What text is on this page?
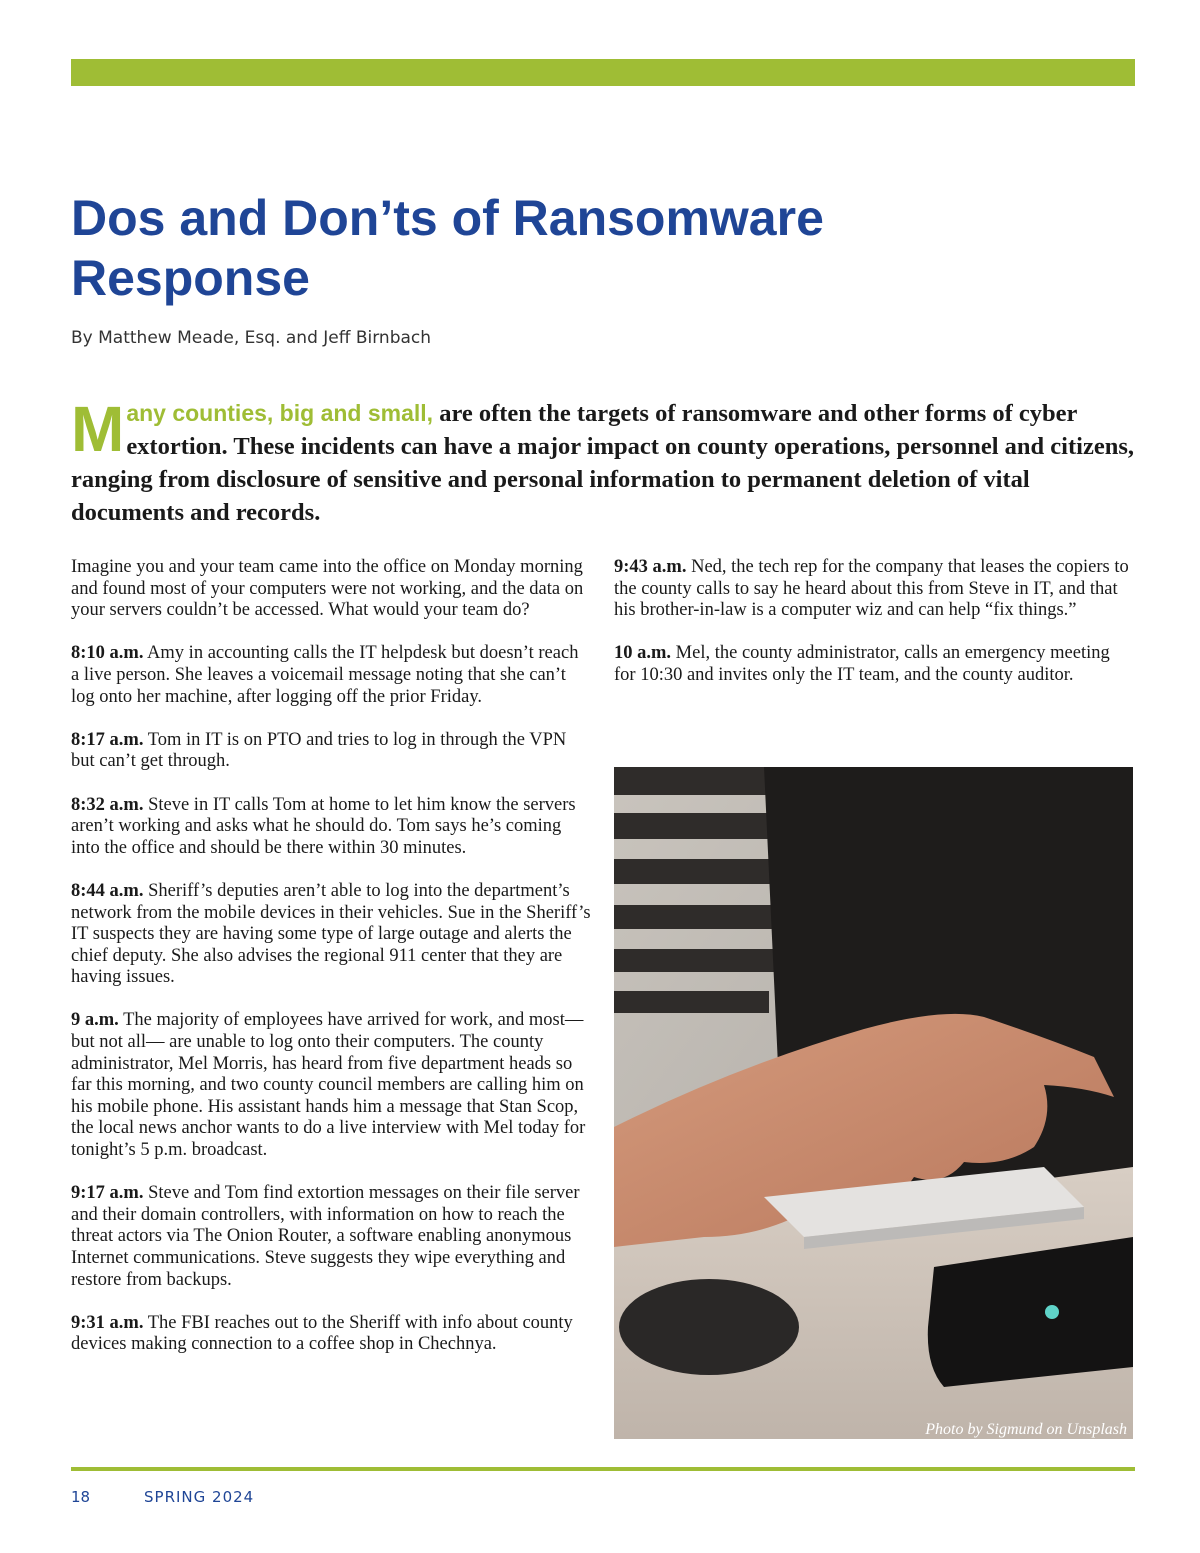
Dos and Don’ts of Ransomware Response

By Matthew Meade, Esq. and Jeff Birnbach

Many counties, big and small, are often the targets of ransomware and other forms of cyber extortion. These incidents can have a major impact on county operations, personnel and citizens, ranging from disclosure of sensitive and personal information to permanent deletion of vital documents and records.

Imagine you and your team came into the office on Monday morning and found most of your computers were not working, and the data on your servers couldn’t be accessed. What would your team do?

8:10 a.m. Amy in accounting calls the IT helpdesk but doesn’t reach a live person. She leaves a voicemail message noting that she can’t log onto her machine, after logging off the prior Friday.

8:17 a.m. Tom in IT is on PTO and tries to log in through the VPN but can’t get through.

8:32 a.m. Steve in IT calls Tom at home to let him know the servers aren’t working and asks what he should do. Tom says he’s coming into the office and should be there within 30 minutes.

8:44 a.m. Sheriff’s deputies aren’t able to log into the department’s network from the mobile devices in their vehicles. Sue in the Sheriff’s IT suspects they are having some type of large outage and alerts the chief deputy. She also advises the regional 911 center that they are having issues.

9 a.m. The majority of employees have arrived for work, and most—but not all— are unable to log onto their computers. The county administrator, Mel Morris, has heard from five department heads so far this morning, and two county council members are calling him on his mobile phone. His assistant hands him a message that Stan Scop, the local news anchor wants to do a live interview with Mel today for tonight’s 5 p.m. broadcast.

9:17 a.m. Steve and Tom find extortion messages on their file server and their domain controllers, with information on how to reach the threat actors via The Onion Router, a software enabling anonymous Internet communications. Steve suggests they wipe everything and restore from backups.

9:31 a.m. The FBI reaches out to the Sheriff with info about county devices making connection to a coffee shop in Chechnya.

9:43 a.m. Ned, the tech rep for the company that leases the copiers to the county calls to say he heard about this from Steve in IT, and that his brother-in-law is a computer wiz and can help “fix things.”

10 a.m. Mel, the county administrator, calls an emergency meeting for 10:30 and invites only the IT team, and the county auditor.

Photo by Sigmund on Unsplash
18	SPRING 2024
